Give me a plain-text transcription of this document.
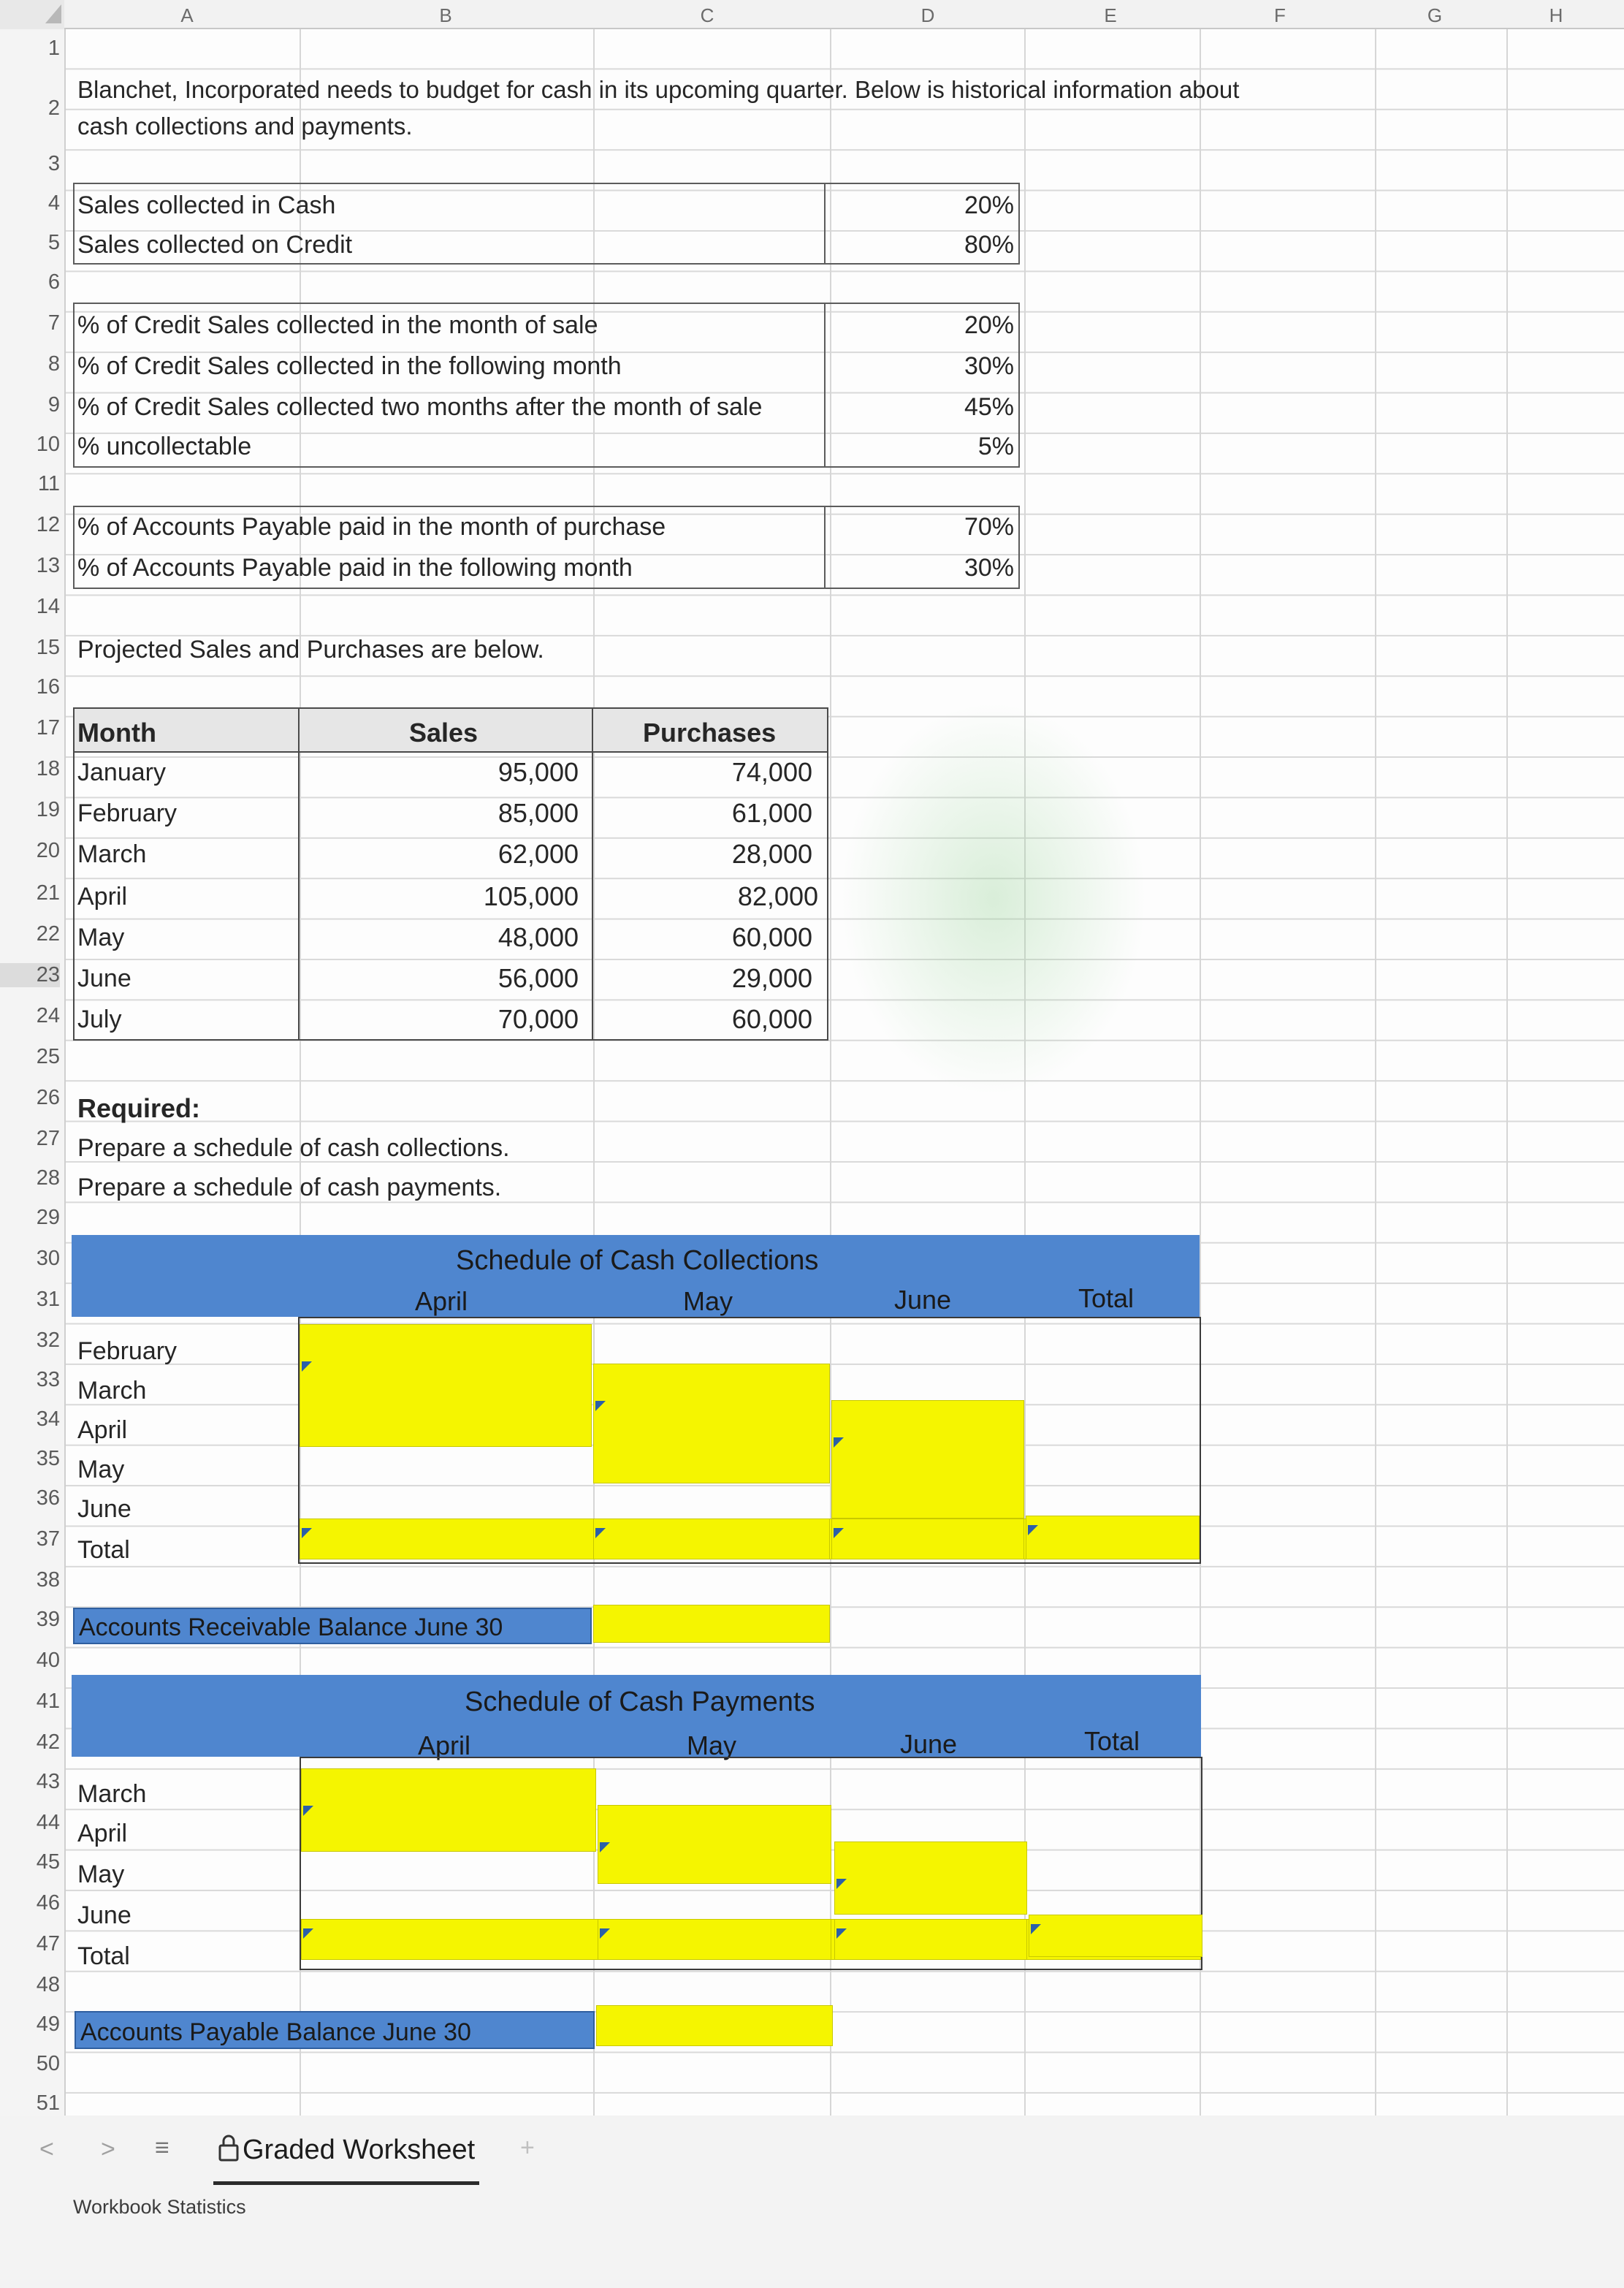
A	B	C	D	E	F	G	H
1
2
3
4
5
6
7
8
9
10
11
12
13
14
15
16
17
18
19
20
21
22
23
24
25
26
27
28
29
30
31
32
33
34
35
36
37
38
39
40
41
42
43
44
45
46
47
48
49
50
51
Blanchet, Incorporated needs to budget for cash in its upcoming quarter. Below is historical information about
cash collections and payments.
Sales collected in Cash	20%
Sales collected on Credit	80%
% of Credit Sales collected in the month of sale	20%
% of Credit Sales collected in the following month	30%
% of Credit Sales collected two months after the month of sale	45%
% uncollectable	5%
% of Accounts Payable paid in the month of purchase	70%
% of Accounts Payable paid in the following month	30%
Projected Sales and Purchases are below.
Month	Sales	Purchases
January	95,000	74,000
February	85,000	61,000
March	62,000	28,000
April	105,000	82,000
May	48,000	60,000
June	56,000	29,000
July	70,000	60,000
Required:
Prepare a schedule of cash collections.
Prepare a schedule of cash payments.
Schedule of Cash Collections
April	May	June	Total
February
March
April
May
June
Total
Accounts Receivable Balance June 30
Schedule of Cash Payments
April	May	June	Total
March
April
May
June
Total
Accounts Payable Balance June 30
< > ≡	Graded Worksheet +
Workbook Statistics
